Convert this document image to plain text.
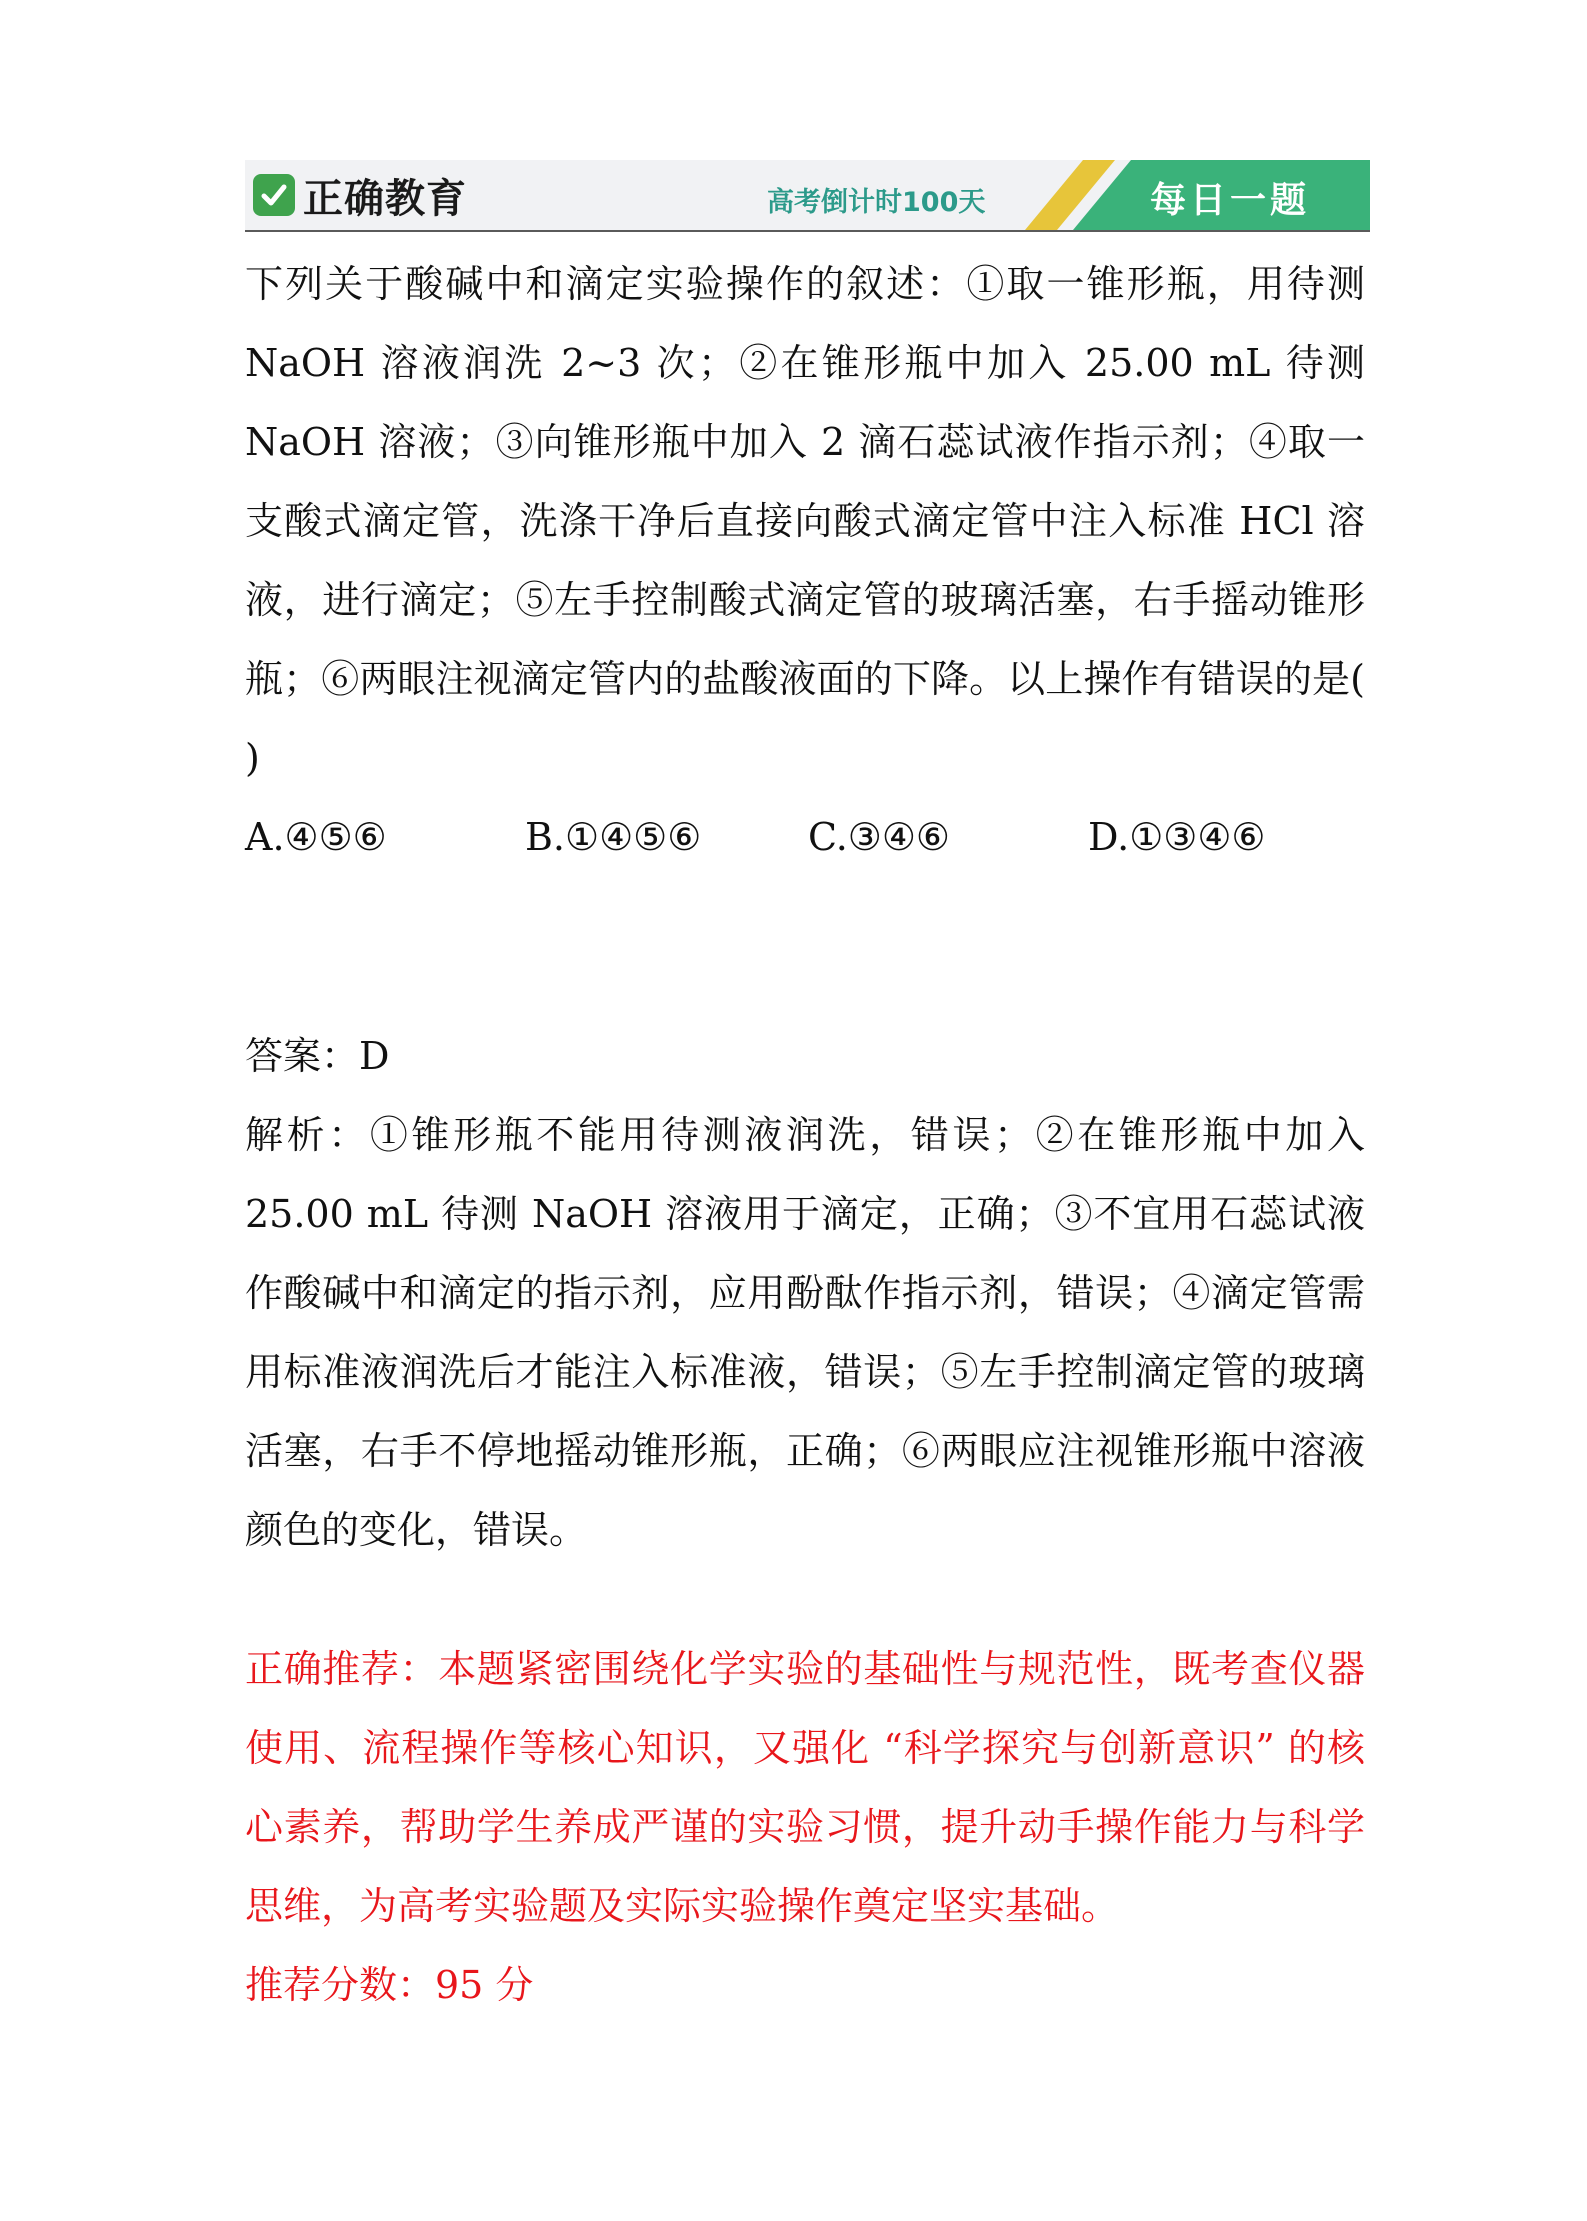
正确教育	高考倒计时100天	每日一题

下列关于酸碱中和滴定实验操作的叙述：①取一锥形瓶，用待测 NaOH 溶液润洗 2~3 次；②在锥形瓶中加入 25.00 mL 待测 NaOH 溶液；③向锥形瓶中加入 2 滴石蕊试液作指示剂；④取一支酸式滴定管，洗涤干净后直接向酸式滴定管中注入标准 HCl 溶液，进行滴定；⑤左手控制酸式滴定管的玻璃活塞，右手摇动锥形瓶；⑥两眼注视滴定管内的盐酸液面的下降。以上操作有错误的是( )

A.④⑤⑥	B.①④⑤⑥	C.③④⑥	D.①③④⑥

答案：D

解析：①锥形瓶不能用待测液润洗，错误；②在锥形瓶中加入 25.00 mL 待测 NaOH 溶液用于滴定，正确；③不宜用石蕊试液作酸碱中和滴定的指示剂，应用酚酞作指示剂，错误；④滴定管需用标准液润洗后才能注入标准液，错误；⑤左手控制滴定管的玻璃活塞，右手不停地摇动锥形瓶，正确；⑥两眼应注视锥形瓶中溶液颜色的变化，错误。

正确推荐：本题紧密围绕化学实验的基础性与规范性，既考查仪器使用、流程操作等核心知识，又强化 “科学探究与创新意识” 的核心素养，帮助学生养成严谨的实验习惯，提升动手操作能力与科学思维，为高考实验题及实际实验操作奠定坚实基础。

推荐分数：95 分
